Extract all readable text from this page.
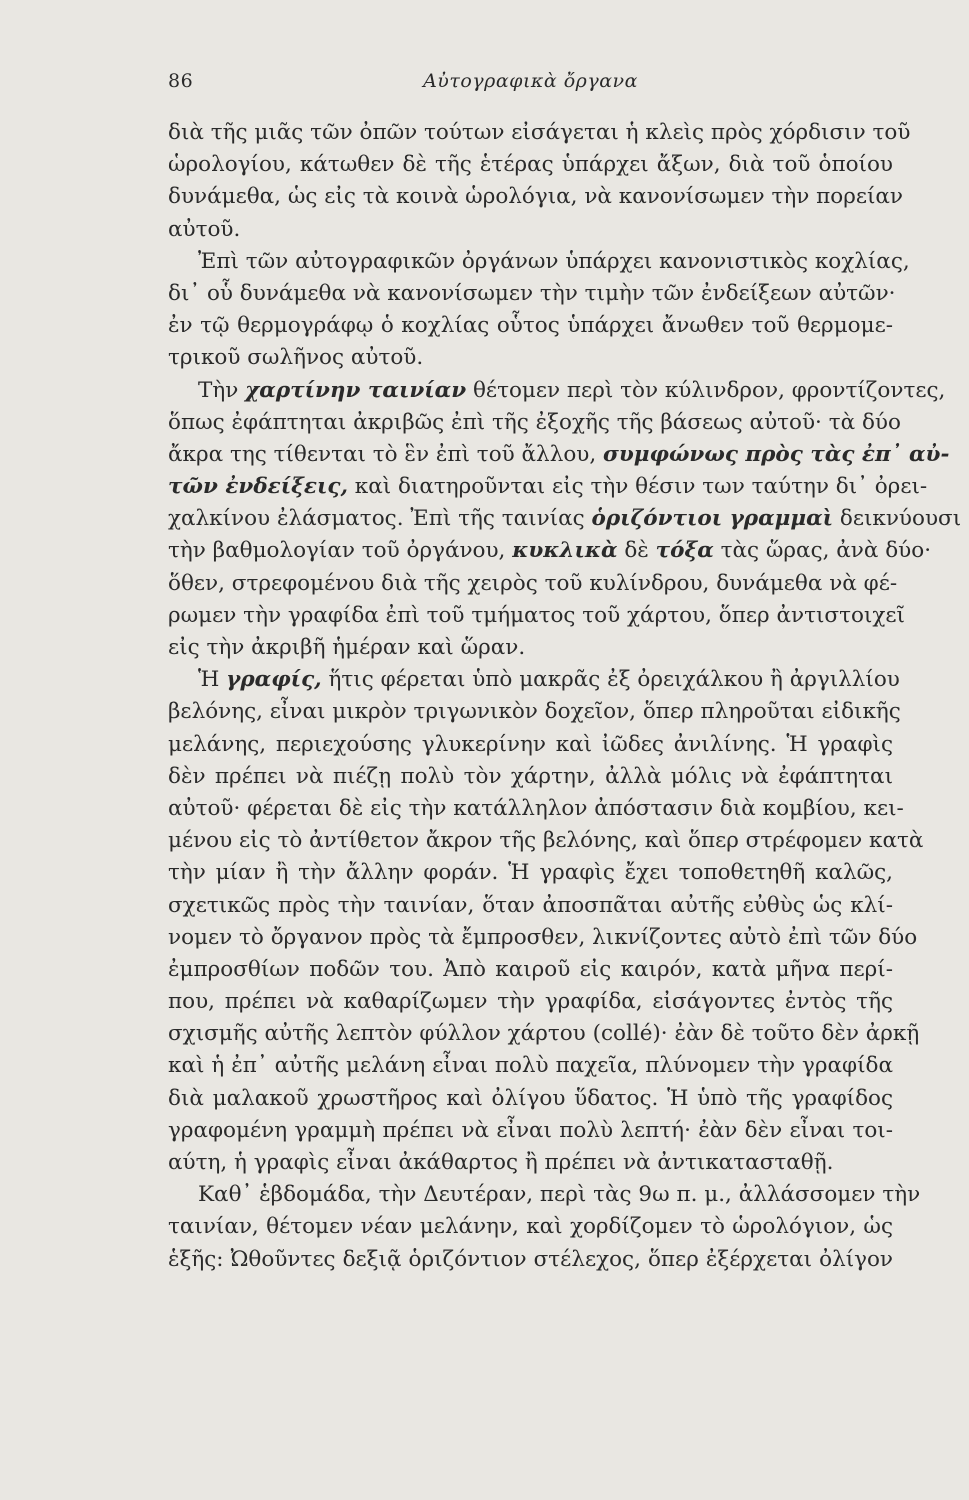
86	Αὐτογραφικὰ ὄργανα
διὰ τῆς μιᾶς τῶν ὀπῶν τούτων εἰσάγεται ἡ κλεὶς πρὸς χόρδισιν τοῦ
ὡρολογίου, κάτωθεν δὲ τῆς ἑτέρας ὑπάρχει ἄξων, διὰ τοῦ ὁποίου
δυνάμεθα, ὡς εἰς τὰ κοινὰ ὡρολόγια, νὰ κανονίσωμεν τὴν πορείαν
αὐτοῦ.
Ἐπὶ τῶν αὐτογραφικῶν ὀργάνων ὑπάρχει κανονιστικὸς κοχλίας,
δι᾿ οὗ δυνάμεθα νὰ κανονίσωμεν τὴν τιμὴν τῶν ἐνδείξεων αὐτῶν·
ἐν τῷ θερμογράφῳ ὁ κοχλίας οὗτος ὑπάρχει ἄνωθεν τοῦ θερμομε-
τρικοῦ σωλῆνος αὐτοῦ.
Τὴν χαρτίνην ταινίαν θέτομεν περὶ τὸν κύλινδρον, φροντίζοντες,
ὅπως ἐφάπτηται ἀκριβῶς ἐπὶ τῆς ἐξοχῆς τῆς βάσεως αὐτοῦ· τὰ δύο
ἄκρα της τίθενται τὸ ἓν ἐπὶ τοῦ ἄλλου, συμφώνως πρὸς τὰς ἐπ᾿ αὐ-
τῶν ἐνδείξεις, καὶ διατηροῦνται εἰς τὴν θέσιν των ταύτην δι᾿ ὀρει-
χαλκίνου ἐλάσματος. Ἐπὶ τῆς ταινίας ὁριζόντιοι γραμμαὶ δεικνύουσι
τὴν βαθμολογίαν τοῦ ὀργάνου, κυκλικὰ δὲ τόξα τὰς ὥρας, ἀνὰ δύο·
ὅθεν, στρεφομένου διὰ τῆς χειρὸς τοῦ κυλίνδρου, δυνάμεθα νὰ φέ-
ρωμεν τὴν γραφίδα ἐπὶ τοῦ τμήματος τοῦ χάρτου, ὅπερ ἀντιστοιχεῖ
εἰς τὴν ἀκριβῆ ἡμέραν καὶ ὥραν.
Ἡ γραφίς, ἥτις φέρεται ὑπὸ μακρᾶς ἐξ ὀρειχάλκου ἢ ἀργιλλίου
βελόνης, εἶναι μικρὸν τριγωνικὸν δοχεῖον, ὅπερ πληροῦται εἰδικῆς
μελάνης, περιεχούσης γλυκερίνην καὶ ἰῶδες ἀνιλίνης. Ἡ γραφὶς
δὲν πρέπει νὰ πιέζῃ πολὺ τὸν χάρτην, ἀλλὰ μόλις νὰ ἐφάπτηται
αὐτοῦ· φέρεται δὲ εἰς τὴν κατάλληλον ἀπόστασιν διὰ κομβίου, κει-
μένου εἰς τὸ ἀντίθετον ἄκρον τῆς βελόνης, καὶ ὅπερ στρέφομεν κατὰ
τὴν μίαν ἢ τὴν ἄλλην φοράν. Ἡ γραφὶς ἔχει τοποθετηθῆ καλῶς,
σχετικῶς πρὸς τὴν ταινίαν, ὅταν ἀποσπᾶται αὐτῆς εὐθὺς ὡς κλί-
νομεν τὸ ὄργανον πρὸς τὰ ἔμπροσθεν, λικνίζοντες αὐτὸ ἐπὶ τῶν δύο
ἐμπροσθίων ποδῶν του. Ἀπὸ καιροῦ εἰς καιρόν, κατὰ μῆνα περί-
που, πρέπει νὰ καθαρίζωμεν τὴν γραφίδα, εἰσάγοντες ἐντὸς τῆς
σχισμῆς αὐτῆς λεπτὸν φύλλον χάρτου (collé)· ἐὰν δὲ τοῦτο δὲν ἀρκῇ
καὶ ἡ ἐπ᾿ αὐτῆς μελάνη εἶναι πολὺ παχεῖα, πλύνομεν τὴν γραφίδα
διὰ μαλακοῦ χρωστῆρος καὶ ὀλίγου ὕδατος. Ἡ ὑπὸ τῆς γραφίδος
γραφομένη γραμμὴ πρέπει νὰ εἶναι πολὺ λεπτή· ἐὰν δὲν εἶναι τοι-
αύτη, ἡ γραφὶς εἶναι ἀκάθαρτος ἢ πρέπει νὰ ἀντικατασταθῇ.
Καθ᾿ ἑβδομάδα, τὴν Δευτέραν, περὶ τὰς 9ω π. μ., ἀλλάσσομεν τὴν
ταινίαν, θέτομεν νέαν μελάνην, καὶ χορδίζομεν τὸ ὡρολόγιον, ὡς
ἑξῆς: Ὠθοῦντες δεξιᾷ ὁριζόντιον στέλεχος, ὅπερ ἐξέρχεται ὀλίγον
